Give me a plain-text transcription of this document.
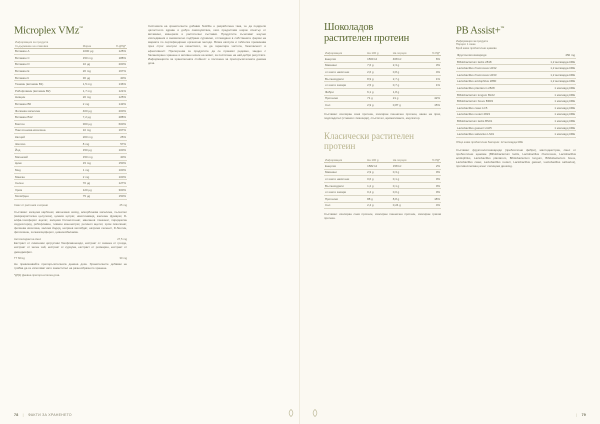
Microplex VMz™
Информация за продукта
Съдържание на опаковка	Мярка	% ДПД*
Витамин А	1000 µg	125%
Витамин С	150 mg	188%
Витамин D	10 µg	200%
Витамин Е	20 mg	167%
Витамин К	30 µg	40%
Тиамин (витамин В1)	1,5 mg	136%
Рибофлавин (витамин В2)	1,7 mg	121%
Ниацин	20 mg	125%
Витамин В6	2 mg	143%
Фолиева киселина	400 µg	200%
Витамин В12	7,2 µg	288%
Биотин	300 µg	600%
Пантотенова киселина	10 mg	167%
Калций	200 mg	25%
Желязо	8 mg	57%
Йод	150 µg	100%
Магнезий	150 mg	40%
Цинк	15 mg	150%
Мед	1 mg	100%
Манган	2 mg	100%
Селен	70 µg	127%
Хром	120 µg	300%
Молибден	75 µg	150%
Смес от растения и корени	25 mg
Съставки: калциев карбонат, магнезиев оксид, аскорбинова киселина, пълнител (микрокристална целулоза), цинков цитрат, никотинамид, железен фумарат, D-алфа-токоферил ацетат, калциев D-пантотенат, манганов глюконат, пиридоксин хидрохлорид, рибофлавин, тиамин мононитрат, ретинил ацетат, хром пиколинат, фолиева киселина, калиев йодид, натриев молибдат, натриев селенит, D-биотин, филохинон, холекалциферол, цианокобаламин.
Антиоксидантна смес	27,5 mg
Екстракт от лимонови цитрусови биофлавоноиди, екстракт от семена от грозде, екстракт от зелен чай, екстракт от куркума, екстракт от розмарин, екстракт от джинджифил.
ТТ 60mg	30 mg
Не превишавайте препоръчителната дневна доза. Хранителните добавки не трябва да се използват като заместител на разнообразното хранене.
*ДПД: Дневна препоръчителна доза.
Системата на хранителните добавки Nutrilite е разработена така, че да подкрепя цялостното здраве и добро самочувствие, като предоставя широк спектър от витамини, минерали и растителни съставки. Продуктите съчетават научни изследвания и внимателно подбрани суровини, отглеждани в собствените ферми на марката по сертифицирани органични методи. Всяка капсула и таблетка преминава през строг контрол на качеството, за да гарантира чистота, безопасност и ефективност. Препоръчва се продуктите да се приемат редовно, заедно с балансирано хранене и активен начин на живот, за постигане на най-добри резултати. Информацията за хранителната стойност е посочена за препоръчителната дневна доза.
78 | ФАКТИ ЗА ХРАНЕНЕТО
Шоколадов растителен протеин
Информация	На 100 g	На порция	% РД*
Енергия	1560 kJ	468 kJ	6%
Мазнини	7,6 g	2,3 g	3%
от които наситени	2,6 g	0,8 g	4%
Въглехидрати	8,9 g	2,7 g	1%
от които захари	2,5 g	0,7 g	1%
Фибри	6,1 g	1,8 g	
Протеини	71 g	21 g	42%
Сол	2,9 g	0,87 g	15%
Съставки: изолиран соев протеин, изолиран пшеничен протеин, какао на прах, подсладител (стевиол гликозиди), сгъстител, ароматизанти, емулгатор.
Класически растителен протеин
Информация	На 100 g	На порция	% РД*
Енергия	1582 kJ	158 kJ	2%
Мазнини	2,9 g	0,3 g	0%
от които наситени	0,6 g	0,1 g	0%
Въглехидрати	1,2 g	0,1 g	0%
от които захари	0,4 g	0,0 g	0%
Протеини	88 g	8,8 g	18%
Сол	2,4 g	0,24 g	4%
Съставки: изолиран соев протеин, изолиран пшеничен протеин, изолиран грахов протеин.
PB Assist+™
Информация за продукта
Порция: 1 саше
Брой живи пробиотични щамове
Фруктоолигозахариди	450 mg
Bifidobacterium lactis 2818	1,2 милиарда КФЕ
Lactobacillus rhamnosus LR32	1,2 милиарда КФЕ
Lactobacillus rhamnosus LR33	1,2 милиарда КФЕ
Lactobacillus acidophilus 2880	1,2 милиарда КФЕ
Lactobacillus plantarum 2828	1 милиард КФЕ
Bifidobacterium longum BL02	1 милиард КФЕ
Bifidobacterium breve BR03	1 милиард КФЕ
Lactobacillus casei LC5	1 милиард КФЕ
Lactobacillus reuteri 2823	1 милиард КФЕ
Bifidobacterium lactis BS01	1 милиард КФЕ
Lactobacillus gasseri LG05	1 милиард КФЕ
Lactobacillus salivarius LS01	1 милиард КФЕ
Общо живи пробиотични бактерии: 12 милиарда КФЕ
Съставки: фруктоолигозахариди (пребиотични фибри), малтодекстрин, смес от пробиотични щамове (Bifidobacterium lactis, Lactobacillus rhamnosus, Lactobacillus acidophilus, Lactobacillus plantarum, Bifidobacterium longum, Bifidobacterium breve, Lactobacillus casei, Lactobacillus reuteri, Lactobacillus gasseri, Lactobacillus salivarius), противослепващ агент силициев диоксид.
| 79
